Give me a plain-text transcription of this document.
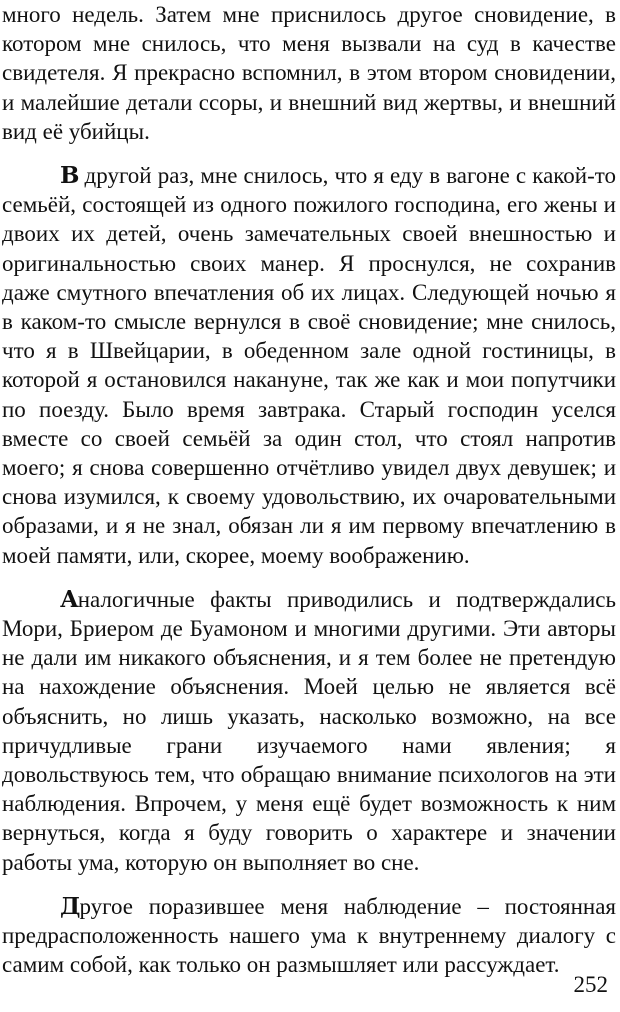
много недель. Затем мне приснилось другое сновидение, в котором мне снилось, что меня вызвали на суд в качестве свидетеля. Я прекрасно вспомнил, в этом втором сновидении, и малейшие детали ссоры, и внешний вид жертвы, и внешний вид её убийцы.

В другой раз, мне снилось, что я еду в вагоне с какой-то семьёй, состоящей из одного пожилого господина, его жены и двоих их детей, очень замечательных своей внешностью и оригинальностью своих манер. Я проснулся, не сохранив даже смутного впечатления об их лицах. Следующей ночью я в каком-то смысле вернулся в своё сновидение; мне снилось, что я в Швейцарии, в обеденном зале одной гостиницы, в которой я остановился накануне, так же как и мои попутчики по поезду. Было время завтрака. Старый господин уселся вместе со своей семьёй за один стол, что стоял напротив моего; я снова совершенно отчётливо увидел двух девушек; и снова изумился, к своему удовольствию, их очаровательными образами, и я не знал, обязан ли я им первому впечатлению в моей памяти, или, скорее, моему воображению.

Аналогичные факты приводились и подтверждались Мори, Бриером де Буамоном и многими другими. Эти авторы не дали им никакого объяснения, и я тем более не претендую на нахождение объяснения. Моей целью не является всё объяснить, но лишь указать, насколько возможно, на все причудливые грани изучаемого нами явления; я довольствуюсь тем, что обращаю внимание психологов на эти наблюдения. Впрочем, у меня ещё будет возможность к ним вернуться, когда я буду говорить о характере и значении работы ума, которую он выполняет во сне.

Другое поразившее меня наблюдение – постоянная предрасположенность нашего ума к внутреннему диалогу с самим собой, как только он размышляет или рассуждает.

252
